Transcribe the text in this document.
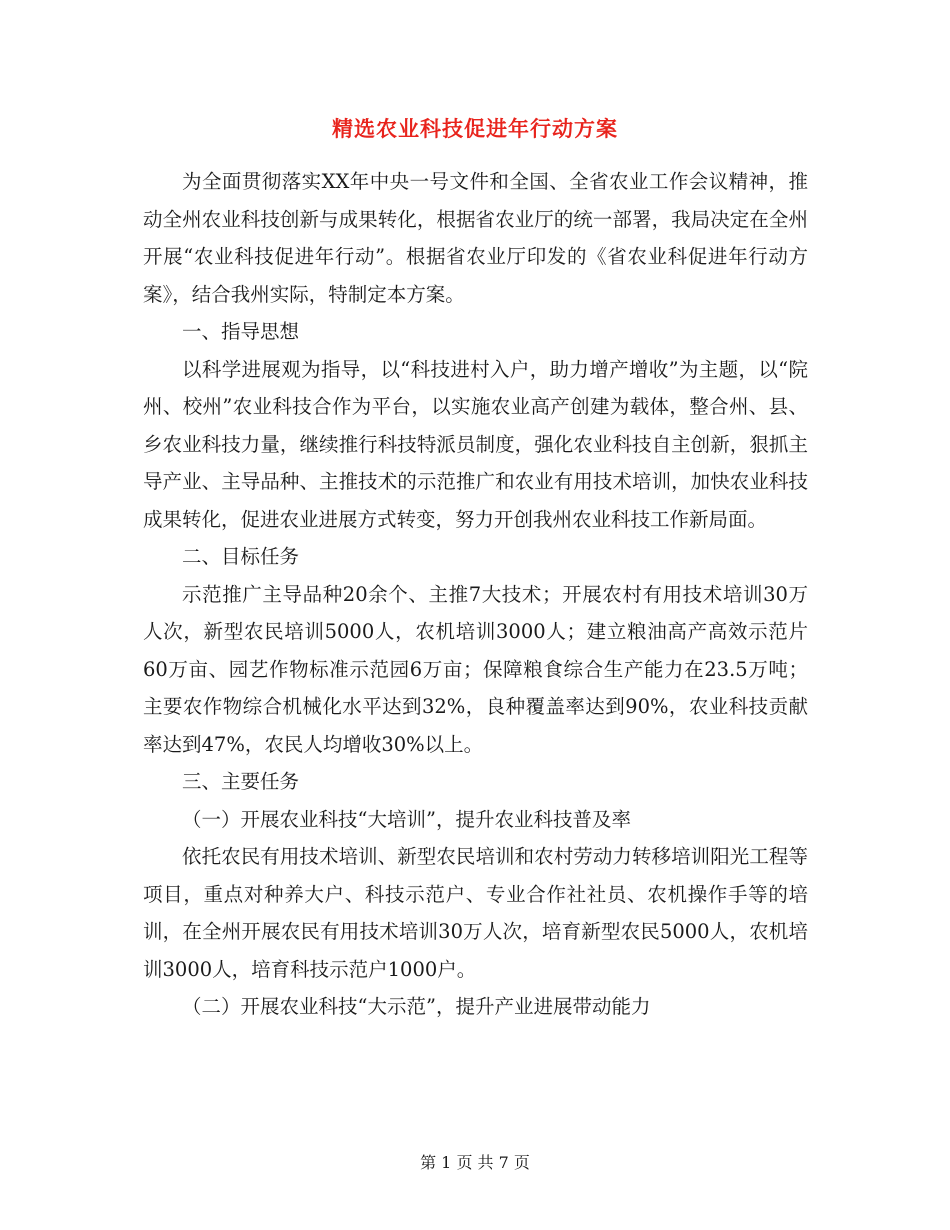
精选农业科技促进年行动方案

为全面贯彻落实XX年中央一号文件和全国、全省农业工作会议精神，推动全州农业科技创新与成果转化，根据省农业厅的统一部署，我局决定在全州开展“农业科技促进年行动”。根据省农业厅印发的《省农业科促进年行动方案》，结合我州实际，特制定本方案。

一、指导思想

以科学进展观为指导，以“科技进村入户，助力增产增收”为主题，以“院州、校州”农业科技合作为平台，以实施农业高产创建为载体，整合州、县、乡农业科技力量，继续推行科技特派员制度，强化农业科技自主创新，狠抓主导产业、主导品种、主推技术的示范推广和农业有用技术培训，加快农业科技成果转化，促进农业进展方式转变，努力开创我州农业科技工作新局面。

二、目标任务

示范推广主导品种20余个、主推7大技术；开展农村有用技术培训30万人次，新型农民培训5000人，农机培训3000人；建立粮油高产高效示范片60万亩、园艺作物标准示范园6万亩；保障粮食综合生产能力在23.5万吨；主要农作物综合机械化水平达到32%，良种覆盖率达到90%，农业科技贡献率达到47%，农民人均增收30%以上。

三、主要任务

（一）开展农业科技“大培训”，提升农业科技普及率

依托农民有用技术培训、新型农民培训和农村劳动力转移培训阳光工程等项目，重点对种养大户、科技示范户、专业合作社社员、农机操作手等的培训，在全州开展农民有用技术培训30万人次，培育新型农民5000人，农机培训3000人，培育科技示范户1000户。

（二）开展农业科技“大示范”，提升产业进展带动能力

第 1 页 共 7 页
